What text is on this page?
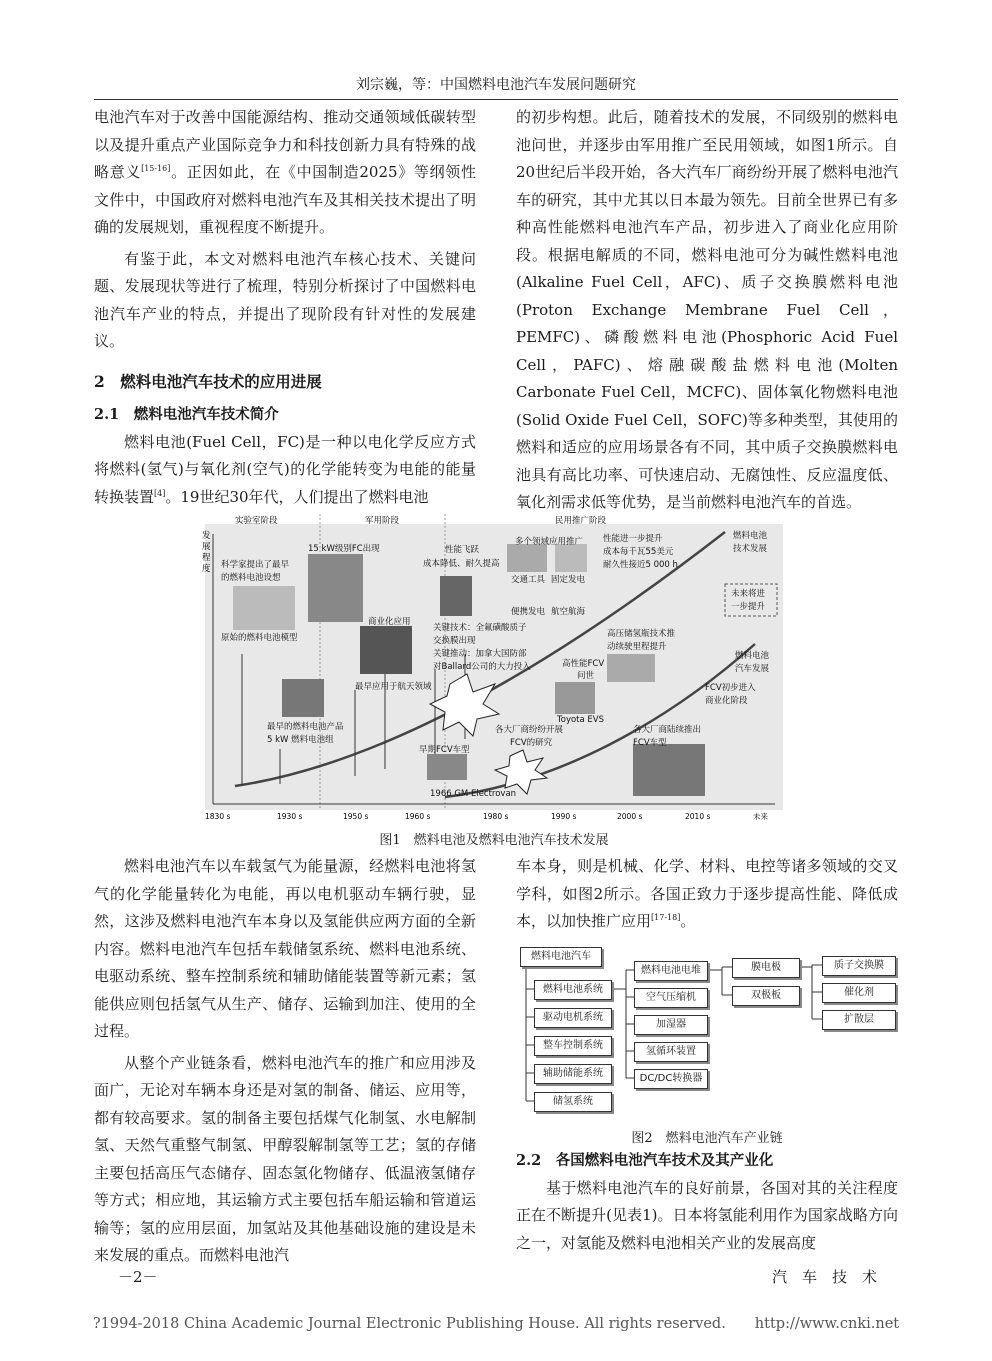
刘宗巍，等：中国燃料电池汽车发展问题研究

电池汽车对于改善中国能源结构、推动交通领域低碳转型以及提升重点产业国际竞争力和科技创新力具有特殊的战略意义[15-16]。正因如此，在《中国制造2025》等纲领性文件中，中国政府对燃料电池汽车及其相关技术提出了明确的发展规划，重视程度不断提升。

有鉴于此，本文对燃料电池汽车核心技术、关键问题、发展现状等进行了梳理，特别分析探讨了中国燃料电池汽车产业的特点，并提出了现阶段有针对性的发展建议。

2　燃料电池汽车技术的应用进展

2.1　燃料电池汽车技术简介

燃料电池(Fuel Cell，FC)是一种以电化学反应方式将燃料(氢气)与氧化剂(空气)的化学能转变为电能的能量转换装置[4]。19世纪30年代，人们提出了燃料电池

的初步构想。此后，随着技术的发展，不同级别的燃料电池问世，并逐步由军用推广至民用领域，如图1所示。自20世纪后半段开始，各大汽车厂商纷纷开展了燃料电池汽车的研究，其中尤其以日本最为领先。目前全世界已有多种高性能燃料电池汽车产品，初步进入了商业化应用阶段。根据电解质的不同，燃料电池可分为碱性燃料电池(Alkaline Fuel Cell，AFC)、质子交换膜燃料电池(Proton Exchange Membrane Fuel Cell，PEMFC)、磷酸燃料电池(Phosphoric Acid Fuel Cell，PAFC)、熔融碳酸盐燃料电池(Molten Carbonate Fuel Cell，MCFC)、固体氧化物燃料电池(Solid Oxide Fuel Cell，SOFC)等多种类型，其使用的燃料和适应的应用场景各有不同，其中质子交换膜燃料电池具有高比功率、可快速启动、无腐蚀性、反应温度低、氧化剂需求低等优势，是当前燃料电池汽车的首选。

实验室阶段	军用阶段	民用推广阶段
发
展
程
度 科学家提出了最早
的燃料电池设想
原始的燃料电池模型
最早的燃料电池产品
5 kW 燃料电池组
15 kW级别FC出现
商业化应用
最早应用于航天领域
性能飞跃
成本降低、耐久提高
多个领域应用推广
交通工具 固定发电
便携发电 航空航海
性能进一步提升
成本每千瓦55美元
耐久性接近5 000 h
关键技术：全氟磺酸质子
交换膜出现
关键推动：加拿大国防部
对Ballard公司的大力投入	高性能FCV
问世
高压储氢瓶技术推
动续驶里程提升
Toyota EVS
各大厂商纷纷开展
FCV的研究
早期FCV车型
1966 GM Electrovan
各大厂商陆续推出
FCV车型
燃料电池
技术发展
未来将进
一步提升
燃料电池
汽车发展
FCV初步进入
商业化阶段
1830 s	1930 s	1950 s	1960 s	1980 s	1990 s	2000 s	2010 s	未来
图1　燃料电池及燃料电池汽车技术发展

燃料电池汽车以车载氢气为能量源，经燃料电池将氢气的化学能量转化为电能，再以电机驱动车辆行驶，显然，这涉及燃料电池汽车本身以及氢能供应两方面的全新内容。燃料电池汽车包括车载储氢系统、燃料电池系统、电驱动系统、整车控制系统和辅助储能装置等新元素；氢能供应则包括氢气从生产、储存、运输到加注、使用的全过程。

从整个产业链条看，燃料电池汽车的推广和应用涉及面广，无论对车辆本身还是对氢的制备、储运、应用等，都有较高要求。氢的制备主要包括煤气化制氢、水电解制氢、天然气重整气制氢、甲醇裂解制氢等工艺；氢的存储主要包括高压气态储存、固态氢化物储存、低温液氢储存等方式；相应地，其运输方式主要包括车船运输和管道运输等；氢的应用层面，加氢站及其他基础设施的建设是未来发展的重点。而燃料电池汽

车本身，则是机械、化学、材料、电控等诸多领域的交叉学科，如图2所示。各国正致力于逐步提高性能、降低成本，以加快推广应用[17-18]。

燃料电池汽车
燃料电池系统
驱动电机系统
整车控制系统
辅助储能系统
储氢系统
燃料电池电堆
空气压缩机
加湿器
氢循环装置
DC/DC转换器
膜电极
双极板
质子交换膜
催化剂
扩散层
图2　燃料电池汽车产业链

2.2　各国燃料电池汽车技术及其产业化

基于燃料电池汽车的良好前景，各国对其的关注程度正在不断提升(见表1)。日本将氢能利用作为国家战略方向之一，对氢能及燃料电池相关产业的发展高度

－2－	汽　车　技　术
?1994-2018 China Academic Journal Electronic Publishing House. All rights reserved.　　http://www.cnki.net
